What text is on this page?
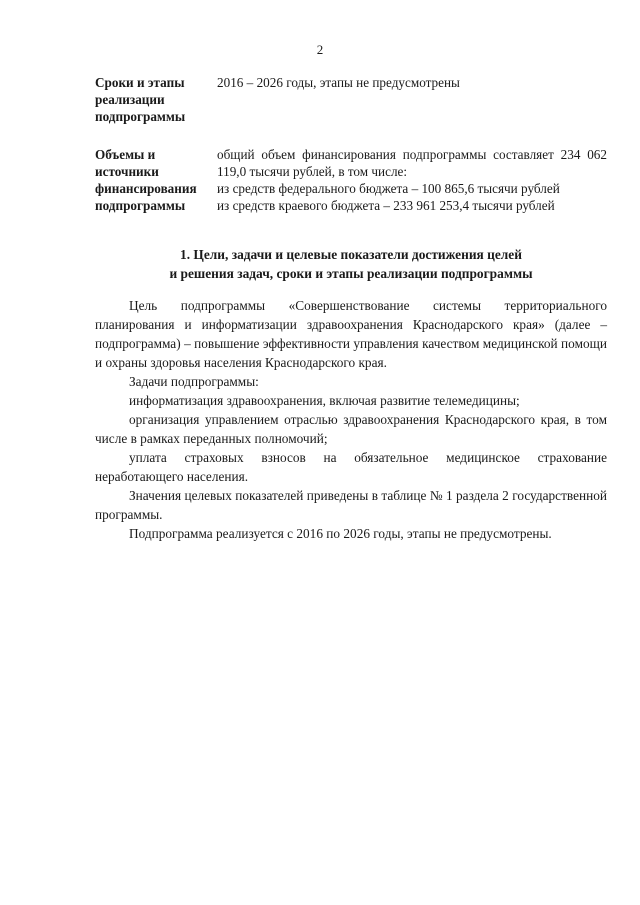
2
Сроки и этапы реализации подпрограммы	2016 – 2026 годы, этапы не предусмотрены

Объемы и источники финансирования подпрограммы	общий объем финансирования подпрограммы составляет 234 062 119,0 тысячи рублей, в том числе:
из средств федерального бюджета – 100 865,6 тысячи рублей
из средств краевого бюджета – 233 961 253,4 тысячи рублей
1. Цели, задачи и целевые показатели достижения целей
и решения задач, сроки и этапы реализации подпрограммы

Цель подпрограммы «Совершенствование системы территориального планирования и информатизации здравоохранения Краснодарского края» (далее – подпрограмма) – повышение эффективности управления качеством медицинской помощи и охраны здоровья населения Краснодарского края.

Задачи подпрограммы:

информатизация здравоохранения, включая развитие телемедицины;

организация управлением отраслью здравоохранения Краснодарского края, в том числе в рамках переданных полномочий;

уплата страховых взносов на обязательное медицинское страхование неработающего населения.

Значения целевых показателей приведены в таблице № 1 раздела 2 государственной программы.

Подпрограмма реализуется с 2016 по 2026 годы, этапы не предусмотрены.
